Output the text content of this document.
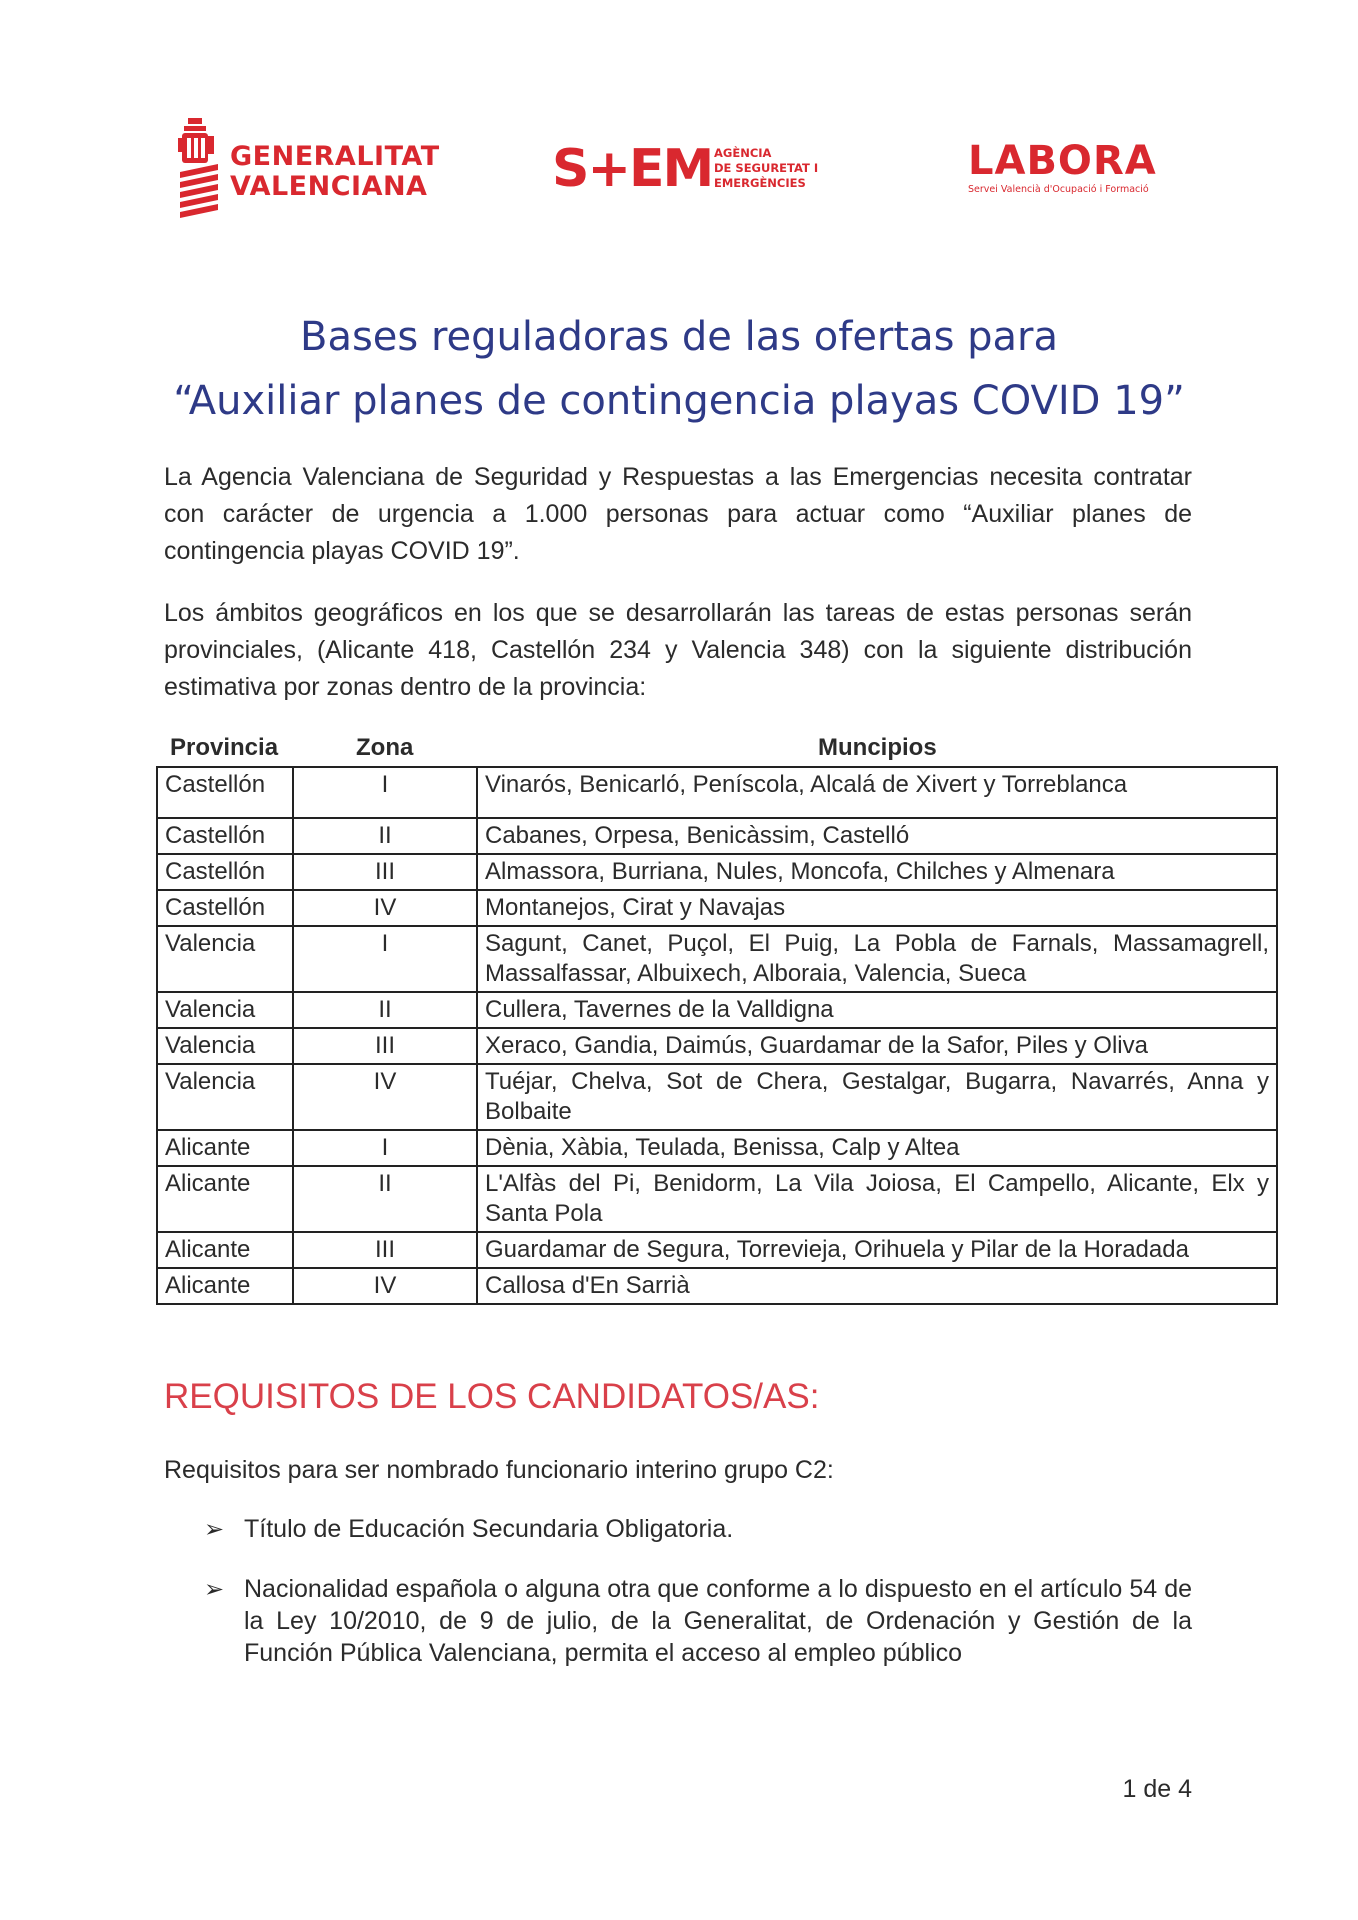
GENERALITAT
VALENCIANA S+EM AGÈNCIA
DE SEGURETAT I
EMERGÈNCIES	LABORA
Servei Valencià d'Ocupació i Formació
Bases reguladoras de las ofertas para
“Auxiliar planes de contingencia playas COVID 19”

La Agencia Valenciana de Seguridad y Respuestas a las Emergencias necesita contratar con carácter de urgencia a 1.000 personas para actuar como “Auxiliar planes de contingencia playas COVID 19”.

Los ámbitos geográficos en los que se desarrollarán las tareas de estas personas serán provinciales, (Alicante 418, Castellón 234 y Valencia 348) con la siguiente distribución estimativa por zonas dentro de la provincia:

Provincia	Zona	Muncipios
Castellón	I	Vinarós, Benicarló, Peníscola, Alcalá de Xivert y Torreblanca
Castellón	II	Cabanes, Orpesa, Benicàssim, Castelló
Castellón	III	Almassora, Burriana, Nules, Moncofa, Chilches y Almenara
Castellón	IV	Montanejos, Cirat y Navajas
Valencia	I	Sagunt, Canet, Puçol, El Puig, La Pobla de Farnals, Massamagrell, Massalfassar, Albuixech, Alboraia, Valencia, Sueca
Valencia	II	Cullera, Tavernes de la Valldigna
Valencia	III	Xeraco, Gandia, Daimús, Guardamar de la Safor, Piles y Oliva
Valencia	IV	Tuéjar, Chelva, Sot de Chera, Gestalgar, Bugarra, Navarrés, Anna y Bolbaite
Alicante	I	Dènia, Xàbia, Teulada, Benissa, Calp y Altea
Alicante	II	L'Alfàs del Pi, Benidorm, La Vila Joiosa, El Campello, Alicante, Elx y Santa Pola
Alicante	III	Guardamar de Segura, Torrevieja, Orihuela y Pilar de la Horadada
Alicante	IV	Callosa d'En Sarrià
REQUISITOS DE LOS CANDIDATOS/AS:
Requisitos para ser nombrado funcionario interino grupo C2:
➢ Título de Educación Secundaria Obligatoria.
➢ Nacionalidad española o alguna otra que conforme a lo dispuesto en el artículo 54 de la Ley 10/2010, de 9 de julio, de la Generalitat, de Ordenación y Gestión de la Función Pública Valenciana, permita el acceso al empleo público
1 de 4
